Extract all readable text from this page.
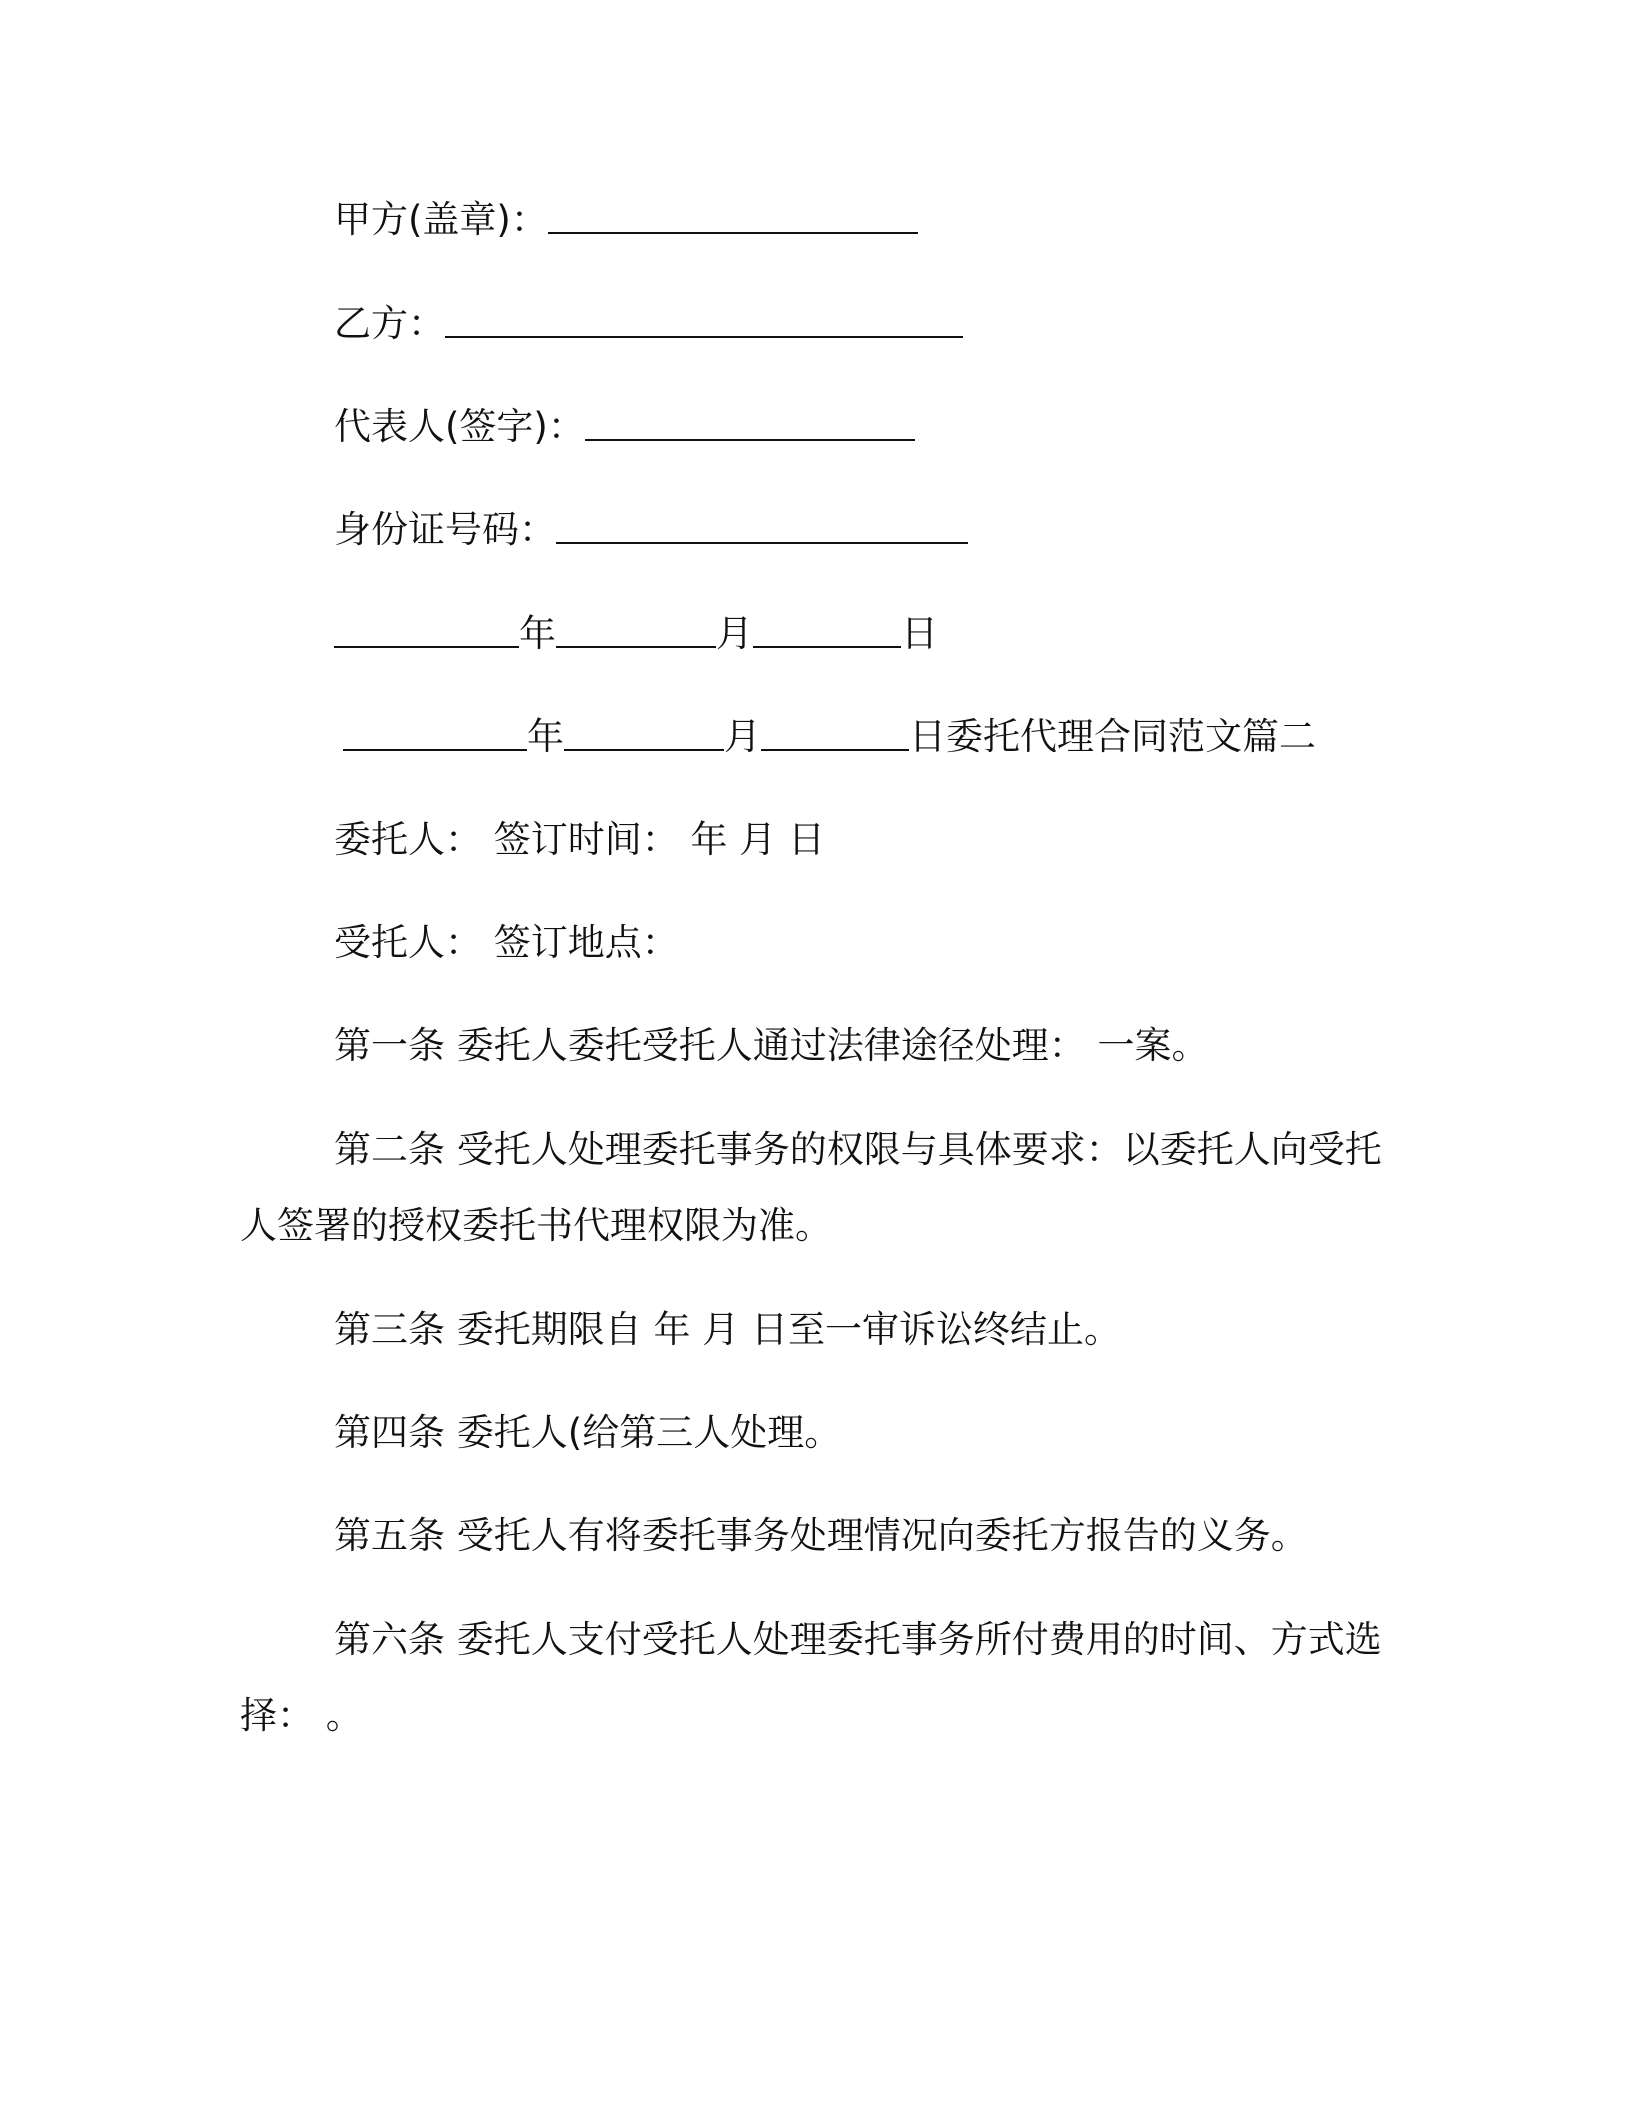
甲方(盖章)：
乙方：
代表人(签字)：
身份证号码：
年	月	日
年	月	日委托代理合同范文篇二
委托人： 签订时间： 年 月 日
受托人： 签订地点：
第一条 委托人委托受托人通过法律途径处理： 一案。
第二条 受托人处理委托事务的权限与具体要求：以委托人向受托
人签署的授权委托书代理权限为准。
第三条 委托期限自 年 月 日至一审诉讼终结止。
第四条 委托人(给第三人处理。
第五条 受托人有将委托事务处理情况向委托方报告的义务。
第六条 委托人支付受托人处理委托事务所付费用的时间、方式选
择： 。
